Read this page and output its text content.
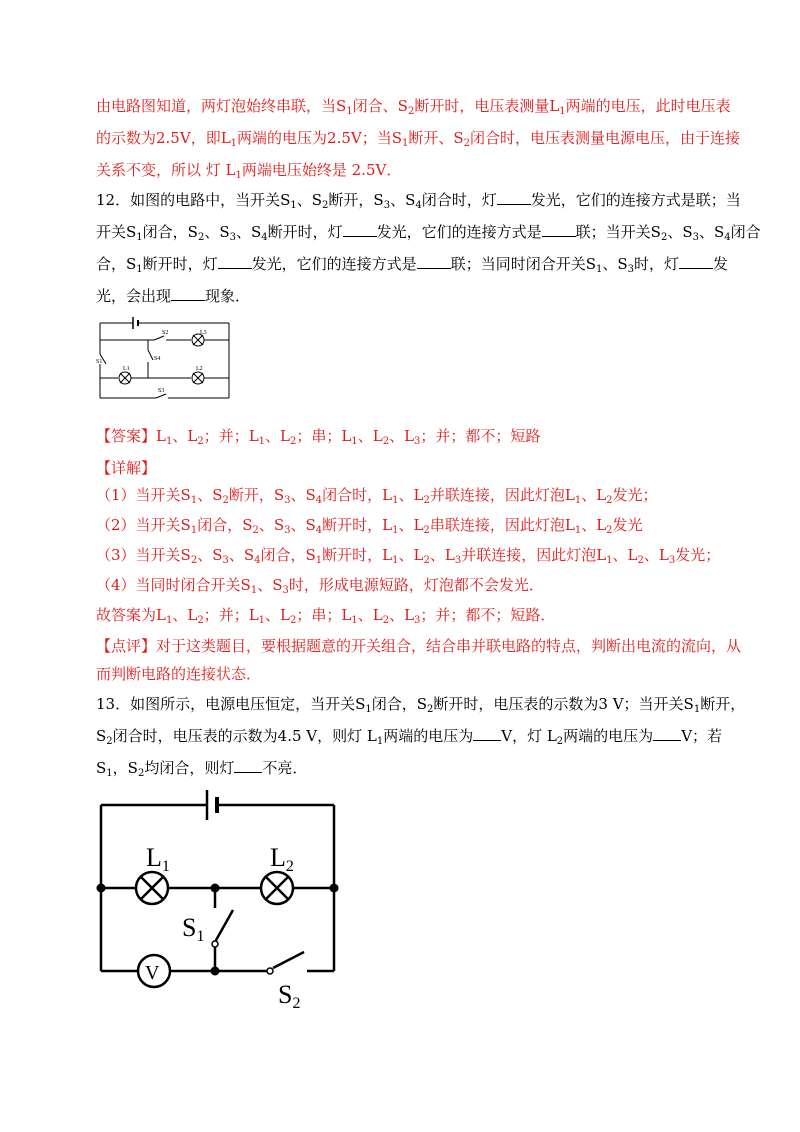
由电路图知道，两灯泡始终串联，当$S_1$闭合、$S_2$断开时，电压表测量$L_1$两端的电压，此时电压表
的示数为2.5V，即$L_1$两端的电压为2.5V；当$S_1$断开、$S_2$闭合时，电压表测量电源电压，由于连接
关系不变，所以 灯 $L_1$两端电压始终是 2.5V．
12．如图的电路中，当开关$S_1$、$S_2$断开，$S_3$、$S_4$闭合时，灯 发光，它们的连接方式是联；当
开关$S_1$闭合，$S_2$、$S_3$、$S_4$断开时，灯 发光，它们的连接方式是 联；当开关$S_2$、$S_3$、$S_4$闭合
合，$S_1$断开时，灯 发光，它们的连接方式是 联；当同时闭合开关$S_1$、$S_3$时，灯 发
光，会出现 现象．
S2	L3
S1	S4
L1	L2
S3
【答案】$L_1$、$L_2$；并；$L_1$、$L_2$；串；$L_1$、$L_2$、$L_3$；并；都不；短路
【详解】
（1）当开关$S_1$、$S_2$断开，$S_3$、$S_4$闭合时，$L_1$、$L_2$并联连接，因此灯泡$L_1$、$L_2$发光；
（2）当开关$S_1$闭合，$S_2$、$S_3$、$S_4$断开时，$L_1$、$L_2$串联连接，因此灯泡$L_1$、$L_2$发光
（3）当开关$S_2$、$S_3$、$S_4$闭合，$S_1$断开时，$L_1$、$L_2$、$L_3$并联连接，因此灯泡$L_1$、$L_2$、$L_3$发光；
（4）当同时闭合开关$S_1$、$S_3$时，形成电源短路，灯泡都不会发光．
故答案为$L_1$、$L_2$；并；$L_1$、$L_2$；串；$L_1$、$L_2$、$L_3$；并；都不；短路．
【点评】对于这类题目，要根据题意的开关组合，结合串并联电路的特点，判断出电流的流向，从
而判断电路的连接状态．
13．如图所示，电源电压恒定，当开关$S_1$闭合，$S_2$断开时，电压表的示数为3 V；当开关$S_1$断开，
$S_2$闭合时，电压表的示数为4.5 V，则灯 $L_1$两端的电压为 V，灯 $L_2$两端的电压为 V；若
$S_1$，$S_2$均闭合，则灯 不亮．
L1	L2
S1
S2
V
